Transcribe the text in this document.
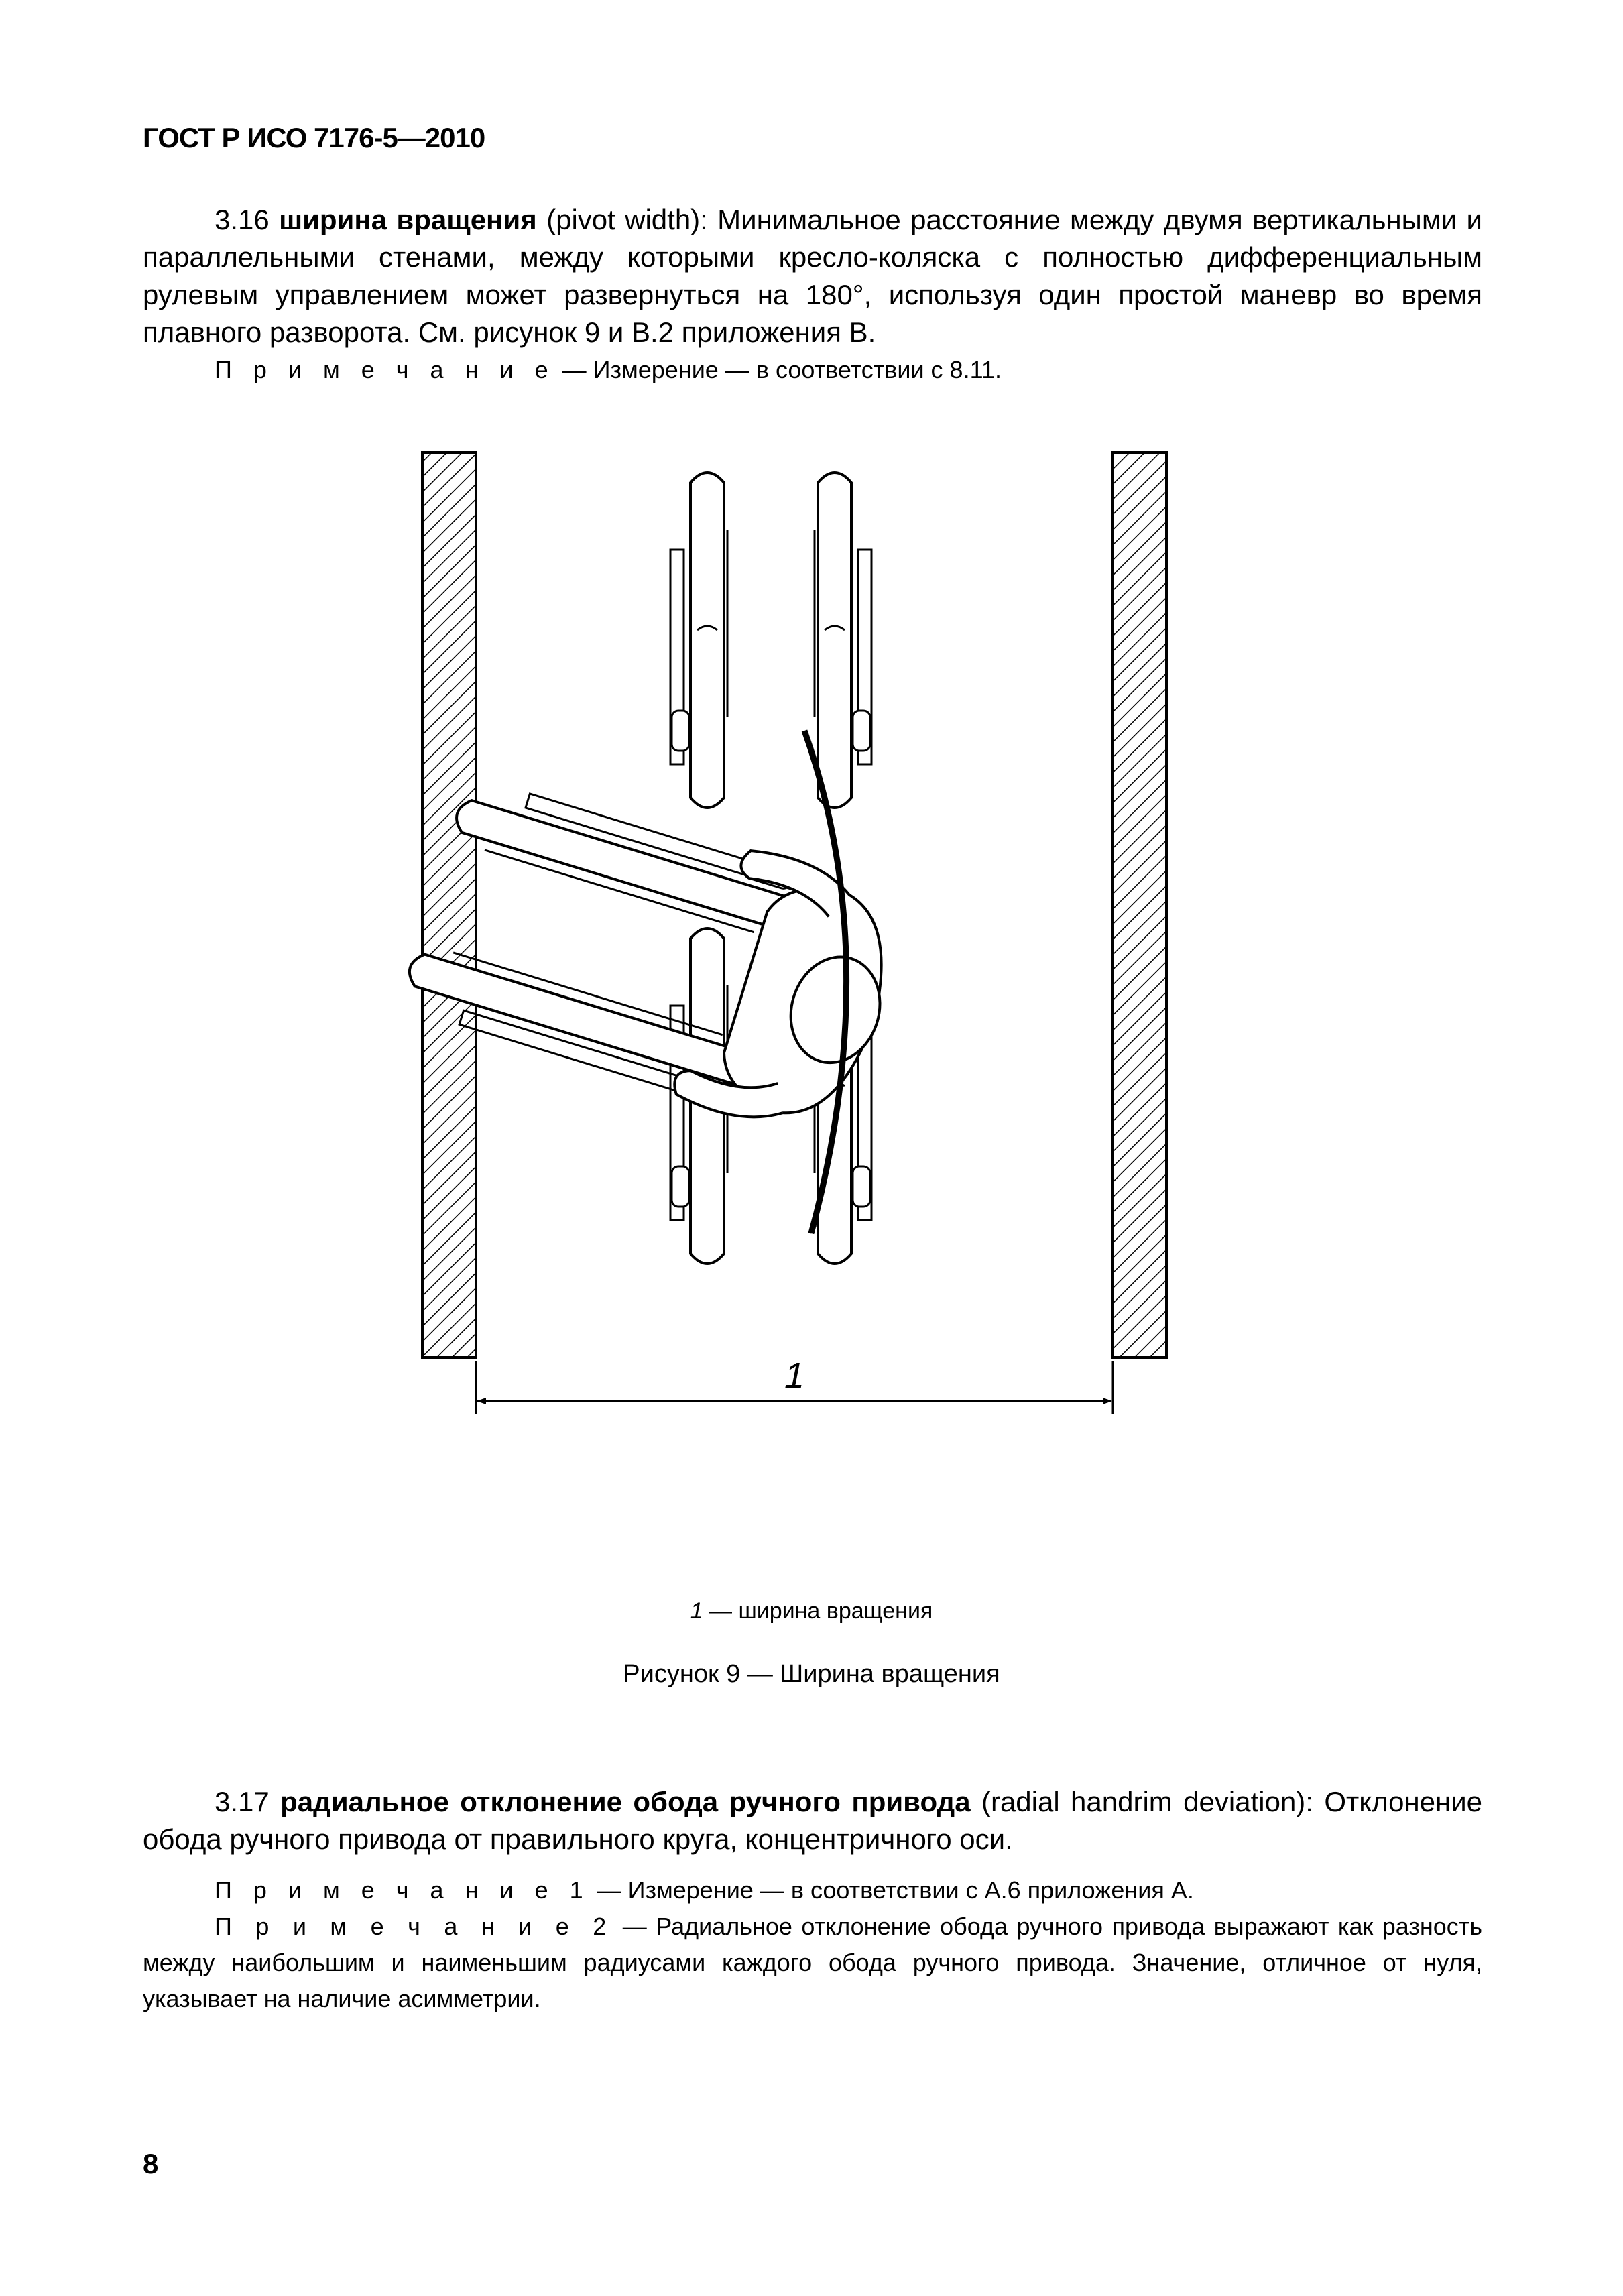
ГОСТ Р ИСО 7176-5—2010
3.16 ширина вращения (pivot width): Минимальное расстояние между двумя вертикальными и параллельными стенами, между которыми кресло-коляска с полностью дифференциальным рулевым управлением может развернуться на 180°, используя один простой маневр во время плавного разворота. См. рисунок 9 и В.2 приложения В.
П р и м е ч а н и е — Измерение — в соответствии с 8.11.
1
1 — ширина вращения
Рисунок 9 — Ширина вращения
3.17 радиальное отклонение обода ручного привода (radial handrim deviation): Отклонение обода ручного привода от правильного круга, концентричного оси.
П р и м е ч а н и е 1 — Измерение — в соответствии с А.6 приложения А.
П р и м е ч а н и е 2 — Радиальное отклонение обода ручного привода выражают как разность между наибольшим и наименьшим радиусами каждого обода ручного привода. Значение, отличное от нуля, указывает на наличие асимметрии.
8
